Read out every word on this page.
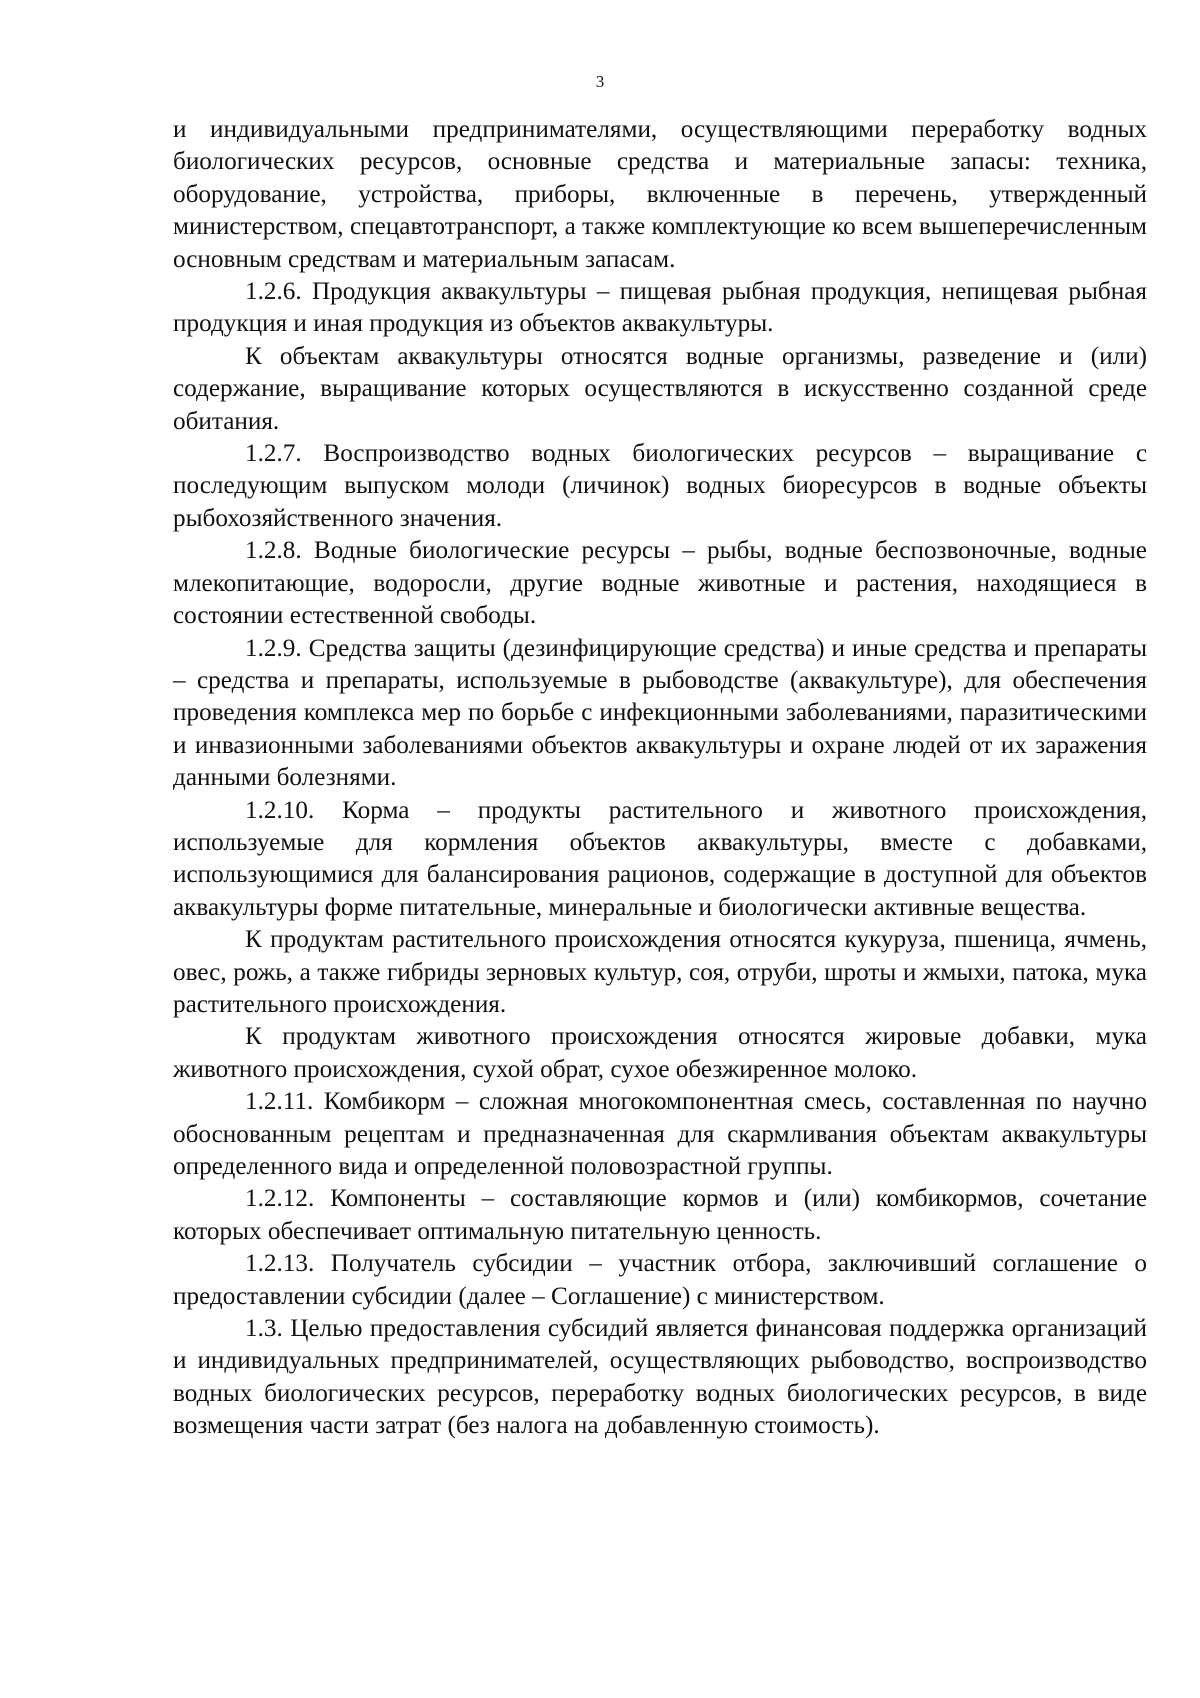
3

и индивидуальными предпринимателями, осуществляющими переработку водных биологических ресурсов, основные средства и материальные запасы: техника, оборудование, устройства, приборы, включенные в перечень, утвержденный министерством, спецавтотранспорт, а также комплектующие ко всем вышеперечисленным основным средствам и материальным запасам.

1.2.6. Продукция аквакультуры – пищевая рыбная продукция, непищевая рыбная продукция и иная продукция из объектов аквакультуры.

К объектам аквакультуры относятся водные организмы, разведение и (или) содержание, выращивание которых осуществляются в искусственно созданной среде обитания.

1.2.7. Воспроизводство водных биологических ресурсов – выращивание с последующим выпуском молоди (личинок) водных биоресурсов в водные объекты рыбохозяйственного значения.

1.2.8. Водные биологические ресурсы – рыбы, водные беспозвоночные, водные млекопитающие, водоросли, другие водные животные и растения, находящиеся в состоянии естественной свободы.

1.2.9. Средства защиты (дезинфицирующие средства) и иные средства и препараты – средства и препараты, используемые в рыбоводстве (аквакультуре), для обеспечения проведения комплекса мер по борьбе с инфекционными заболеваниями, паразитическими и инвазионными заболеваниями объектов аквакультуры и охране людей от их заражения данными болезнями.

1.2.10. Корма – продукты растительного и животного происхождения, используемые для кормления объектов аквакультуры, вместе с добавками, использующимися для балансирования рационов, содержащие в доступной для объектов аквакультуры форме питательные, минеральные и биологически активные вещества.

К продуктам растительного происхождения относятся кукуруза, пшеница, ячмень, овес, рожь, а также гибриды зерновых культур, соя, отруби, шроты и жмыхи, патока, мука растительного происхождения.

К продуктам животного происхождения относятся жировые добавки, мука животного происхождения, сухой обрат, сухое обезжиренное молоко.

1.2.11. Комбикорм – сложная многокомпонентная смесь, составленная по научно обоснованным рецептам и предназначенная для скармливания объектам аквакультуры определенного вида и определенной половозрастной группы.

1.2.12. Компоненты – составляющие кормов и (или) комбикормов, сочетание которых обеспечивает оптимальную питательную ценность.

1.2.13. Получатель субсидии – участник отбора, заключивший соглашение о предоставлении субсидии (далее – Соглашение) с министерством.

1.3. Целью предоставления субсидий является финансовая поддержка организаций и индивидуальных предпринимателей, осуществляющих рыбоводство, воспроизводство водных биологических ресурсов, переработку водных биологических ресурсов, в виде возмещения части затрат (без налога на добавленную стоимость).
